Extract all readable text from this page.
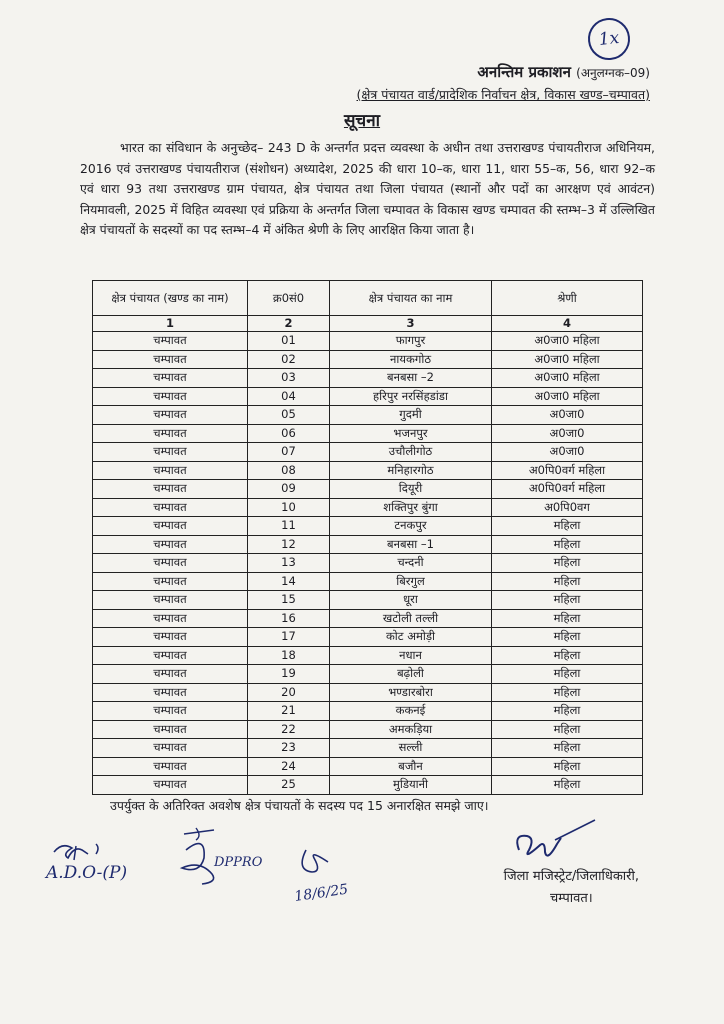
1x
अनन्तिम प्रकाशन (अनुलग्नक–09)
(क्षेत्र पंचायत वार्ड/प्रादेशिक निर्वाचन क्षेत्र, विकास खण्ड–चम्पावत)
सूचना

भारत का संविधान के अनुच्छेद– 243 D के अन्तर्गत प्रदत्त व्यवस्था के अधीन तथा उत्तराखण्ड पंचायतीराज अधिनियम, 2016 एवं उत्तराखण्ड पंचायतीराज (संशोधन) अध्यादेश, 2025 की धारा 10–क, धारा 11, धारा 55–क, 56, धारा 92–क एवं धारा 93 तथा उत्तराखण्ड ग्राम पंचायत, क्षेत्र पंचायत तथा जिला पंचायत (स्थानों और पदों का आरक्षण एवं आवंटन) नियमावली, 2025 में विहित व्यवस्था एवं प्रक्रिया के अन्तर्गत जिला चम्पावत के विकास खण्ड चम्पावत की स्तम्भ–3 में उल्लिखित क्षेत्र पंचायतों के सदस्यों का पद स्तम्भ–4 में अंकित श्रेणी के लिए आरक्षित किया जाता है।

क्षेत्र पंचायत (खण्ड का नाम)	क्र0सं0	क्षेत्र पंचायत का नाम	श्रेणी
1	2	3	4
चम्पावत	01	फागपुर	अ0जा0 महिला
चम्पावत	02	नायकगोठ	अ0जा0 महिला
चम्पावत	03	बनबसा –2	अ0जा0 महिला
चम्पावत	04	हरिपुर नरसिंहडांडा	अ0जा0 महिला
चम्पावत	05	गुदमी	अ0जा0
चम्पावत	06	भजनपुर	अ0जा0
चम्पावत	07	उचौलीगोठ	अ0जा0
चम्पावत	08	मनिहारगोठ	अ0पि0वर्ग महिला
चम्पावत	09	दियूरी	अ0पि0वर्ग महिला
चम्पावत	10	शक्तिपुर बुंगा	अ0पि0वग
चम्पावत	11	टनकपुर	महिला
चम्पावत	12	बनबसा –1	महिला
चम्पावत	13	चन्दनी	महिला
चम्पावत	14	बिरगुल	महिला
चम्पावत	15	धूरा	महिला
चम्पावत	16	खटोली तल्ली	महिला
चम्पावत	17	कोट अमोड़ी	महिला
चम्पावत	18	नधान	महिला
चम्पावत	19	बढ़ोली	महिला
चम्पावत	20	भण्डारबोरा	महिला
चम्पावत	21	ककनई	महिला
चम्पावत	22	अमकड़िया	महिला
चम्पावत	23	सल्ली	महिला
चम्पावत	24	बजौन	महिला
चम्पावत	25	मुडियानी	महिला
उपर्युक्त के अतिरिक्त अवशेष क्षेत्र पंचायतों के सदस्य पद 15 अनारक्षित समझे जाए।
A.D.O-(P)
DPPRO
18/6/25
जिला मजिस्ट्रेट/जिलाधिकारी,
चम्पावत।
